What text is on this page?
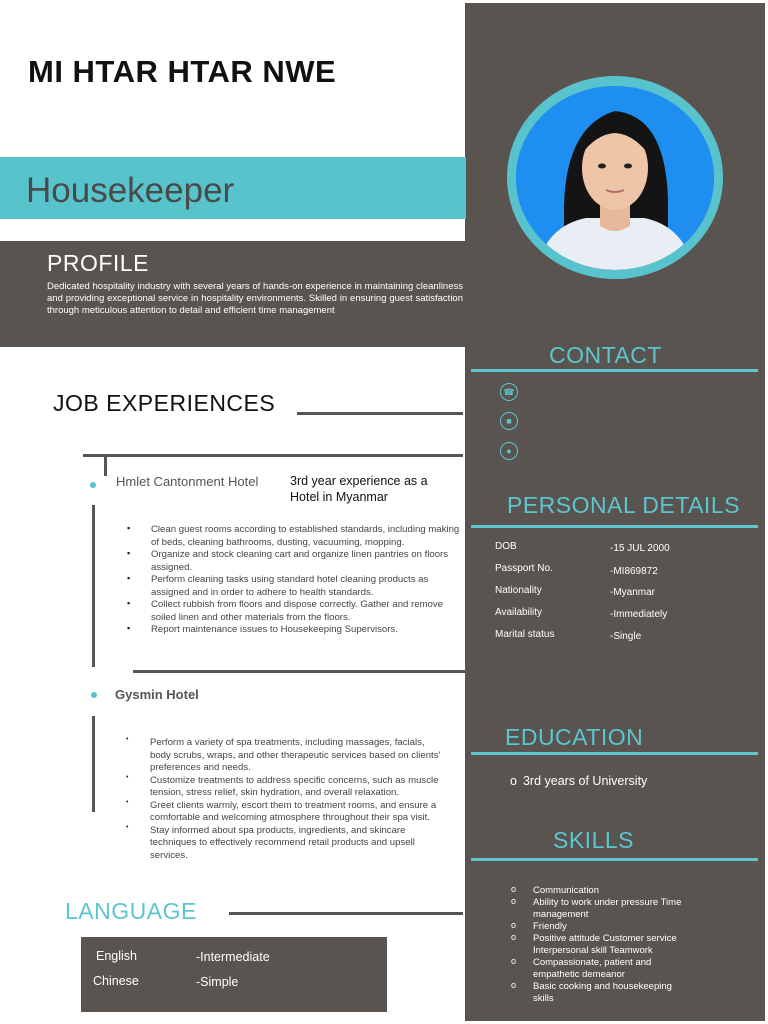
CONTACT
☎
■
●
PERSONAL DETAILS
DOB	-15 JUL 2000
Passport No.	-MI869872
Nationality	-Myanmar
Availability	-Immediately
Marital status	-Single
EDUCATION
o 3rd years of University
SKILLS
o Communication
o Ability to work under pressure Time management
o Friendly
o Positive attitude Customer service Interpersonal skill Teamwork
o Compassionate, patient and empathetic demeanor
o Basic cooking and housekeeping skills
MI HTAR HTAR NWE
Housekeeper
PROFILE
Dedicated hospitality industry with several years of hands-on experience in maintaining cleanliness and providing exceptional service in hospitality environments. Skilled in ensuring guest satisfaction through meticulous attention to detail and efficient time management
JOB EXPERIENCES
Hmlet Cantonment Hotel	3rd year experience as a Hotel in Myanmar
▪ Clean guest rooms according to established standards, including making of beds, cleaning bathrooms, dusting, vacuuming, mopping.
▪ Organize and stock cleaning cart and organize linen pantries on floors assigned.
▪ Perform cleaning tasks using standard hotel cleaning products as assigned and in order to adhere to health standards.
▪ Collect rubbish from floors and dispose correctly. Gather and remove soiled linen and other materials from the floors.
▪ Report maintenance issues to Housekeeping Supervisors.
Gysmin Hotel
• Perform a variety of spa treatments, including massages, facials, body scrubs, wraps, and other therapeutic services based on clients' preferences and needs.
• Customize treatments to address specific concerns, such as muscle tension, stress relief, skin hydration, and overall relaxation.
• Greet clients warmly, escort them to treatment rooms, and ensure a comfortable and welcoming atmosphere throughout their spa visit.
• Stay informed about spa products, ingredients, and skincare techniques to effectively recommend retail products and upsell services.
LANGUAGE
English	-Intermediate
Chinese	-Simple
